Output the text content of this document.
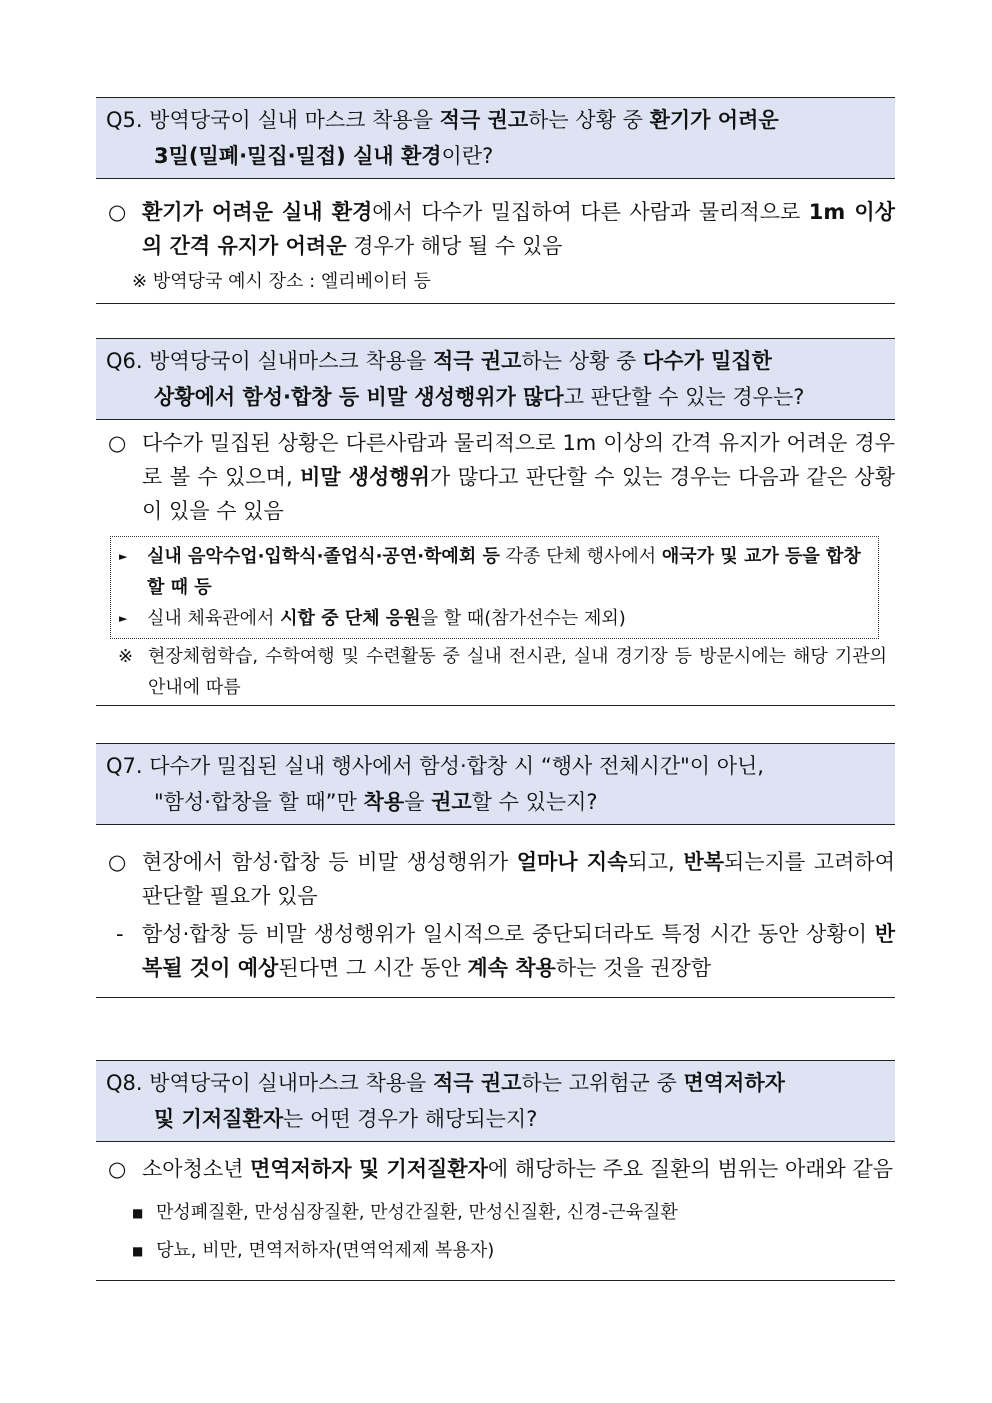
Q5. 방역당국이 실내 마스크 착용을 적극 권고하는 상황 중 환기가 어려운
3밀(밀폐·밀집·밀접) 실내 환경이란?
○ 환기가 어려운 실내 환경에서 다수가 밀집하여 다른 사람과 물리적으로 1m 이상의 간격 유지가 어려운 경우가 해당 될 수 있음
※ 방역당국 예시 장소 : 엘리베이터 등
Q6. 방역당국이 실내마스크 착용을 적극 권고하는 상황 중 다수가 밀집한
상황에서 함성·합창 등 비말 생성행위가 많다고 판단할 수 있는 경우는?
○ 다수가 밀집된 상황은 다른사람과 물리적으로 1m 이상의 간격 유지가 어려운 경우로 볼 수 있으며, 비말 생성행위가 많다고 판단할 수 있는 경우는 다음과 같은 상황이 있을 수 있음
► 실내 음악수업·입학식·졸업식·공연·학예회 등 각종 단체 행사에서 애국가 및 교가 등을 합창할 때 등
► 실내 체육관에서 시합 중 단체 응원을 할 때(참가선수는 제외)
※ 현장체험학습, 수학여행 및 수련활동 중 실내 전시관, 실내 경기장 등 방문시에는 해당 기관의 안내에 따름
Q7. 다수가 밀집된 실내 행사에서 함성·합창 시 “행사 전체시간"이 아닌,
"함성·합창을 할 때”만 착용을 권고할 수 있는지?
○ 현장에서 함성·합창 등 비말 생성행위가 얼마나 지속되고, 반복되는지를 고려하여 판단할 필요가 있음
- 함성·합창 등 비말 생성행위가 일시적으로 중단되더라도 특정 시간 동안 상황이 반복될 것이 예상된다면 그 시간 동안 계속 착용하는 것을 권장함
Q8. 방역당국이 실내마스크 착용을 적극 권고하는 고위험군 중 면역저하자
및 기저질환자는 어떤 경우가 해당되는지?
○ 소아청소년 면역저하자 및 기저질환자에 해당하는 주요 질환의 범위는 아래와 같음
■ 만성폐질환, 만성심장질환, 만성간질환, 만성신질환, 신경-근육질환
■ 당뇨, 비만, 면역저하자(면역억제제 복용자)
